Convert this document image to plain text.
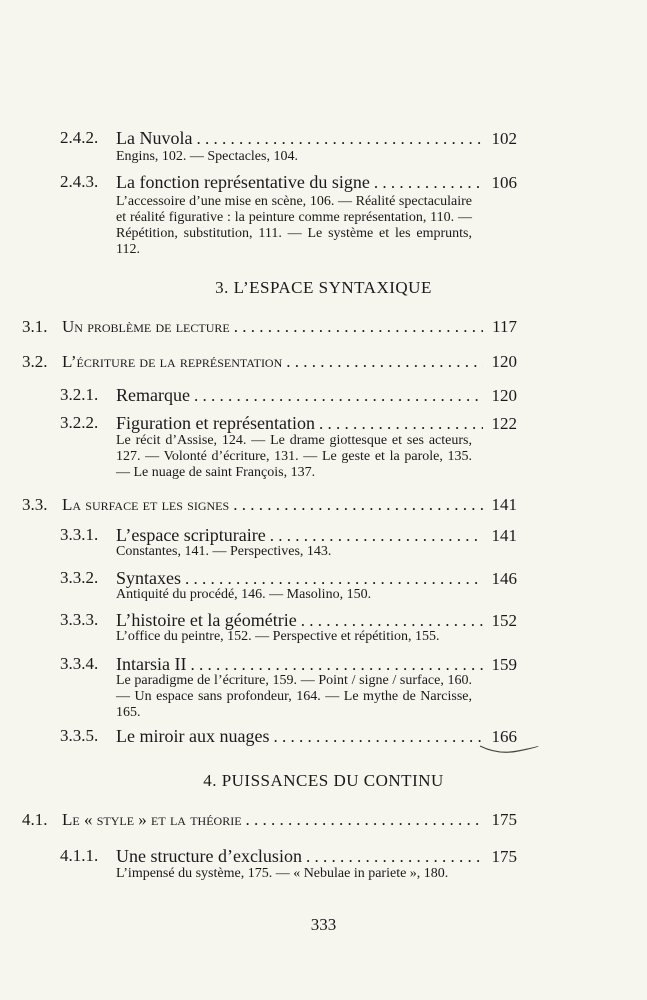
2.4.2. La Nuvola . . .	102
Engins, 102. — Spectacles, 104.
2.4.3. La fonction représentative du signe . . .	106
L’accessoire d’une mise en scène, 106. — Réalité spectaculaire et réalité figurative : la peinture comme représentation, 110. — Répétition, substitution, 111. — Le système et les emprunts, 112.
3. L’ESPACE SYNTAXIQUE
3.1. Un problème de lecture . . .	117
3.2. L’écriture de la représentation . . .	120
3.2.1. Remarque . . .	120
3.2.2. Figuration et représentation . . .	122
Le récit d’Assise, 124. — Le drame giottesque et ses acteurs, 127. — Volonté d’écriture, 131. — Le geste et la parole, 135. — Le nuage de saint François, 137.
3.3. La surface et les signes . . .	141
3.3.1. L’espace scripturaire . . .	141
Constantes, 141. — Perspectives, 143.
3.3.2. Syntaxes . . .	146
Antiquité du procédé, 146. — Masolino, 150.
3.3.3. L’histoire et la géométrie . . .	152
L’office du peintre, 152. — Perspective et répétition, 155.
3.3.4. Intarsia II . . .	159
Le paradigme de l’écriture, 159. — Point / signe / surface, 160. — Un espace sans profondeur, 164. — Le mythe de Narcisse, 165.
3.3.5. Le miroir aux nuages . . .	166
4. PUISSANCES DU CONTINU
4.1. Le « style » et la théorie . . .	175
4.1.1. Une structure d’exclusion . . .	175
L’impensé du système, 175. — « Nebulae in pariete », 180.
333
